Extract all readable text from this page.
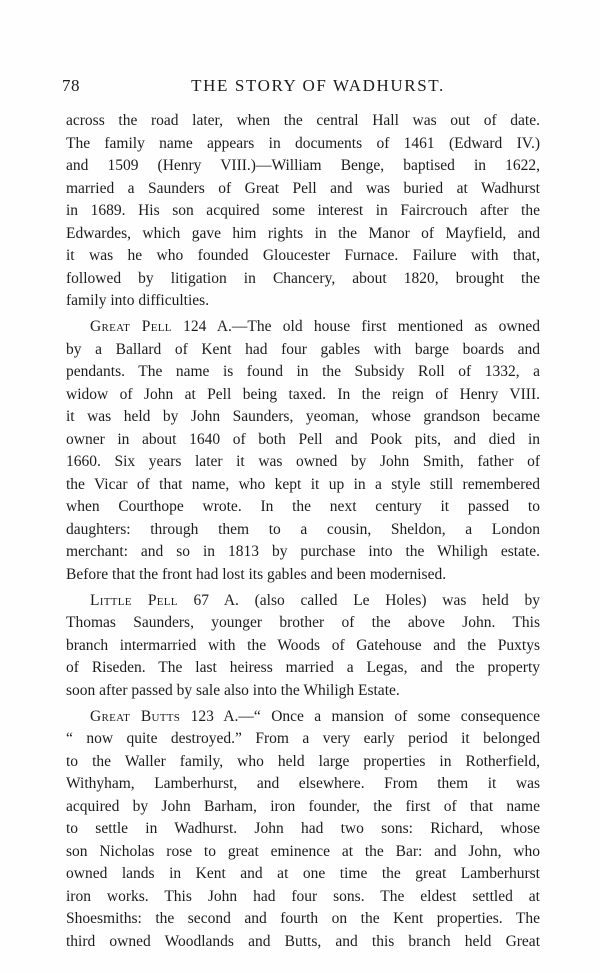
78	THE STORY OF WADHURST.
across the road later, when the central Hall was out of date.
The family name appears in documents of 1461 (Edward IV.)
and 1509 (Henry VIII.)—William Benge, baptised in 1622,
married a Saunders of Great Pell and was buried at Wadhurst
in 1689. His son acquired some interest in Faircrouch after the
Edwardes, which gave him rights in the Manor of Mayfield, and
it was he who founded Gloucester Furnace. Failure with that,
followed by litigation in Chancery, about 1820, brought the
family into difficulties.
Great Pell 124 A.—The old house first mentioned as owned
by a Ballard of Kent had four gables with barge boards and
pendants. The name is found in the Subsidy Roll of 1332, a
widow of John at Pell being taxed. In the reign of Henry VIII.
it was held by John Saunders, yeoman, whose grandson became
owner in about 1640 of both Pell and Pook pits, and died in
1660. Six years later it was owned by John Smith, father of
the Vicar of that name, who kept it up in a style still remembered
when Courthope wrote. In the next century it passed to
daughters: through them to a cousin, Sheldon, a London
merchant: and so in 1813 by purchase into the Whiligh estate.
Before that the front had lost its gables and been modernised.
Little Pell 67 A. (also called Le Holes) was held by
Thomas Saunders, younger brother of the above John. This
branch intermarried with the Woods of Gatehouse and the Puxtys
of Riseden. The last heiress married a Legas, and the property
soon after passed by sale also into the Whiligh Estate.
Great Butts 123 A.—“ Once a mansion of some consequence
“ now quite destroyed.” From a very early period it belonged
to the Waller family, who held large properties in Rotherfield,
Withyham, Lamberhurst, and elsewhere. From them it was
acquired by John Barham, iron founder, the first of that name
to settle in Wadhurst. John had two sons: Richard, whose
son Nicholas rose to great eminence at the Bar: and John, who
owned lands in Kent and at one time the great Lamberhurst
iron works. This John had four sons. The eldest settled at
Shoesmiths: the second and fourth on the Kent properties. The
third owned Woodlands and Butts, and this branch held Great
